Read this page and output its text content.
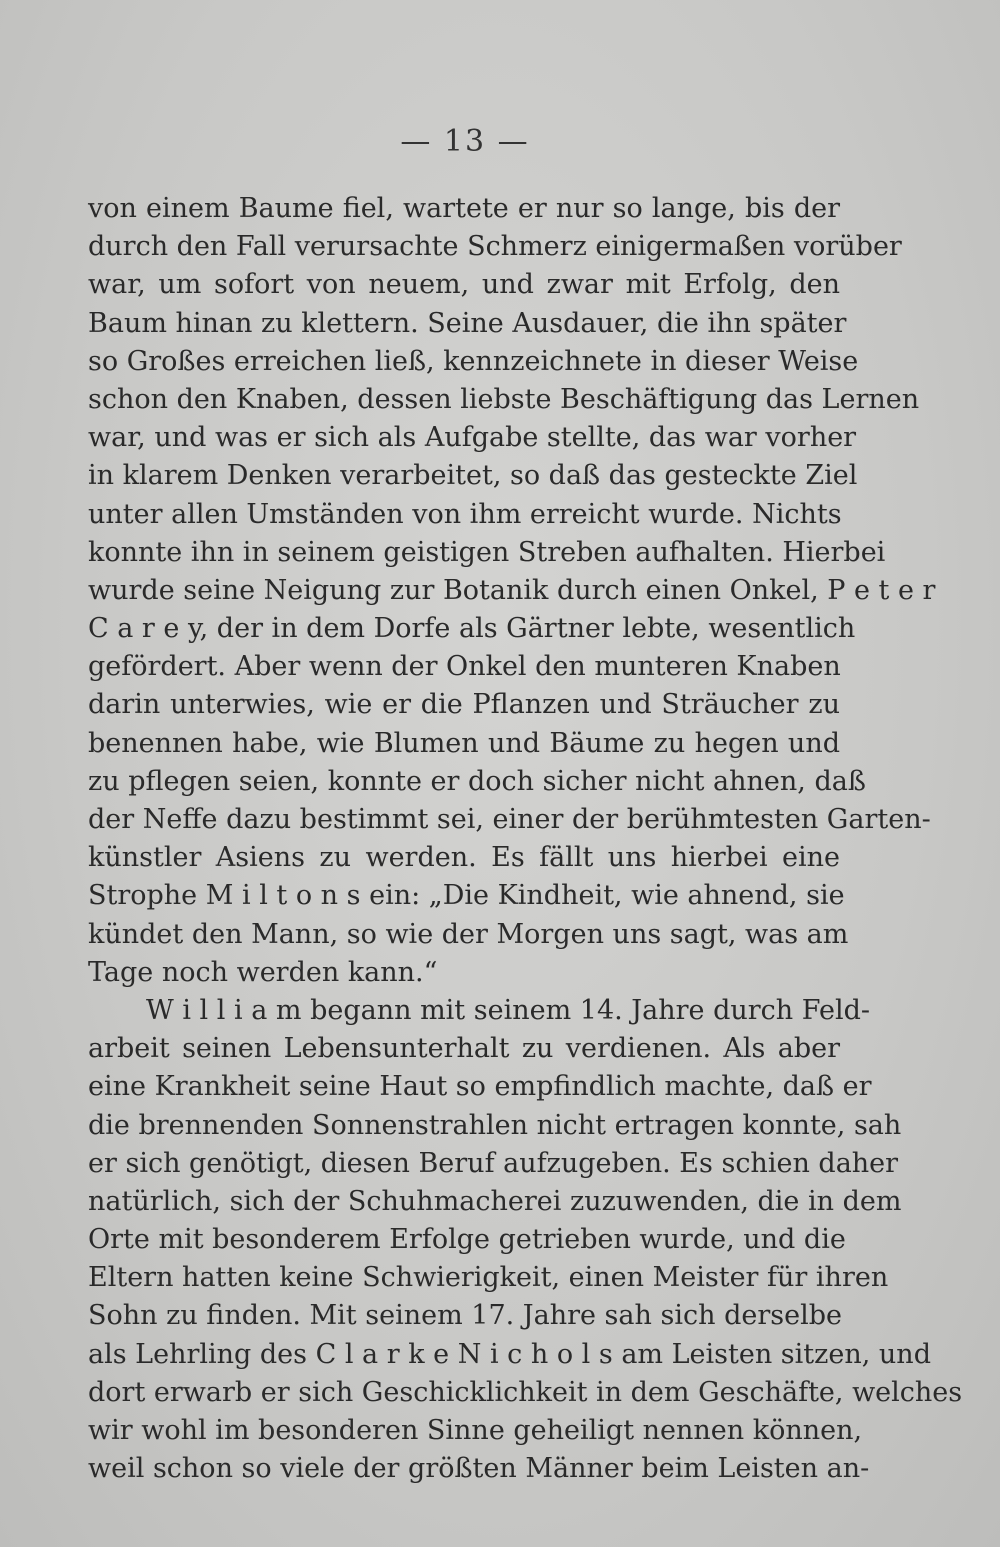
— 13 —
von einem Baume fiel, wartete er nur so lange, bis der
durch den Fall verursachte Schmerz einigermaßen vorüber
war, um sofort von neuem, und zwar mit Erfolg, den
Baum hinan zu klettern. Seine Ausdauer, die ihn später
so Großes erreichen ließ, kennzeichnete in dieser Weise
schon den Knaben, dessen liebste Beschäftigung das Lernen
war, und was er sich als Aufgabe stellte, das war vorher
in klarem Denken verarbeitet, so daß das gesteckte Ziel
unter allen Umständen von ihm erreicht wurde. Nichts
konnte ihn in seinem geistigen Streben aufhalten. Hierbei
wurde seine Neigung zur Botanik durch einen Onkel, P e t e r
C a r e y, der in dem Dorfe als Gärtner lebte, wesentlich
gefördert. Aber wenn der Onkel den munteren Knaben
darin unterwies, wie er die Pflanzen und Sträucher zu
benennen habe, wie Blumen und Bäume zu hegen und
zu pflegen seien, konnte er doch sicher nicht ahnen, daß
der Neffe dazu bestimmt sei, einer der berühmtesten Garten-
künstler Asiens zu werden. Es fällt uns hierbei eine
Strophe M i l t o n s ein: „Die Kindheit, wie ahnend, sie
kündet den Mann, so wie der Morgen uns sagt, was am
Tage noch werden kann.“
W i l l i a m begann mit seinem 14. Jahre durch Feld-
arbeit seinen Lebensunterhalt zu verdienen. Als aber
eine Krankheit seine Haut so empfindlich machte, daß er
die brennenden Sonnenstrahlen nicht ertragen konnte, sah
er sich genötigt, diesen Beruf aufzugeben. Es schien daher
natürlich, sich der Schuhmacherei zuzuwenden, die in dem
Orte mit besonderem Erfolge getrieben wurde, und die
Eltern hatten keine Schwierigkeit, einen Meister für ihren
Sohn zu finden. Mit seinem 17. Jahre sah sich derselbe
als Lehrling des C l a r k e N i c h o l s am Leisten sitzen, und
dort erwarb er sich Geschicklichkeit in dem Geschäfte, welches
wir wohl im besonderen Sinne geheiligt nennen können,
weil schon so viele der größten Männer beim Leisten an-
